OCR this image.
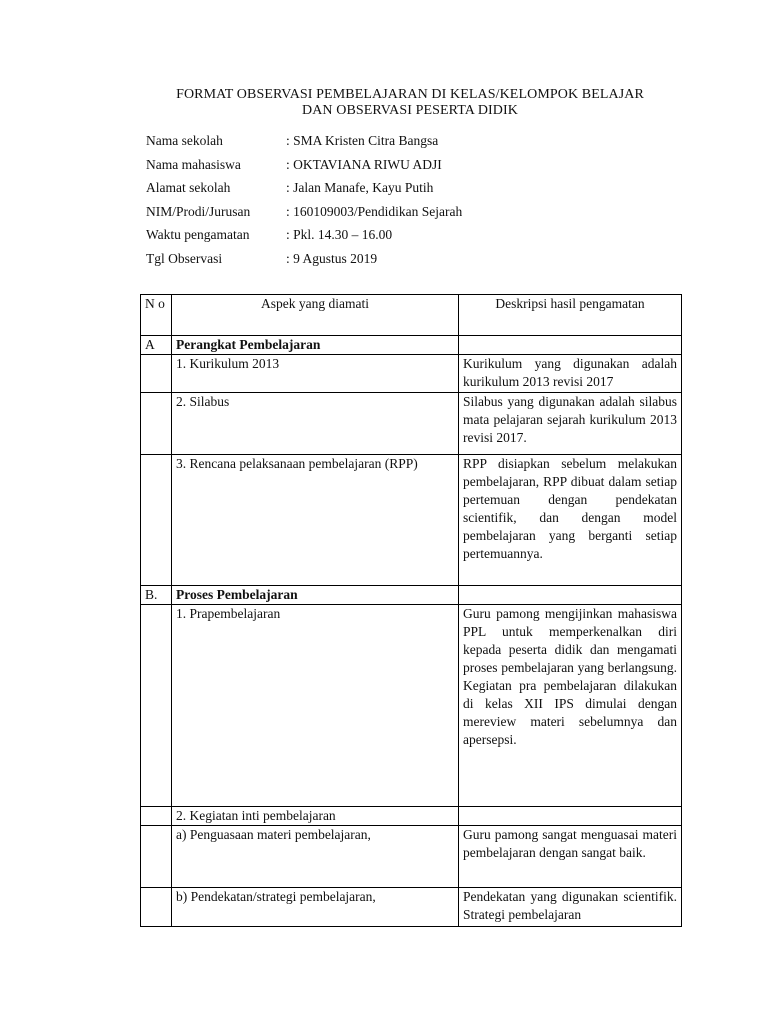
FORMAT OBSERVASI PEMBELAJARAN DI KELAS/KELOMPOK BELAJAR
DAN OBSERVASI PESERTA DIDIK
Nama sekolah	: SMA Kristen Citra Bangsa
Nama mahasiswa	: OKTAVIANA RIWU ADJI
Alamat sekolah	: Jalan Manafe, Kayu Putih
NIM/Prodi/Jurusan	: 160109003/Pendidikan Sejarah
Waktu pengamatan	: Pkl. 14.30 – 16.00
Tgl Observasi	: 9 Agustus 2019
N o	Aspek yang diamati	Deskripsi hasil pengamatan
A	Perangkat Pembelajaran	
	1. Kurikulum 2013	Kurikulum yang digunakan adalah kurikulum 2013 revisi 2017
	2. Silabus	Silabus yang digunakan adalah silabus mata pelajaran sejarah kurikulum 2013 revisi 2017.
	3. Rencana pelaksanaan pembelajaran (RPP)	RPP disiapkan sebelum melakukan pembelajaran, RPP dibuat dalam setiap pertemuan dengan pendekatan scientifik, dan dengan model pembelajaran yang berganti setiap pertemuannya.
B.	Proses Pembelajaran	
	1. Prapembelajaran	Guru pamong mengijinkan mahasiswa PPL untuk memperkenalkan diri kepada peserta didik dan mengamati proses pembelajaran yang berlangsung. Kegiatan pra pembelajaran dilakukan di kelas XII IPS dimulai dengan mereview materi sebelumnya dan apersepsi.
	2. Kegiatan inti pembelajaran	
	a) Penguasaan materi pembelajaran,	Guru pamong sangat menguasai materi pembelajaran dengan sangat baik.
	b) Pendekatan/strategi pembelajaran,	Pendekatan yang digunakan scientifik. Strategi pembelajaran
